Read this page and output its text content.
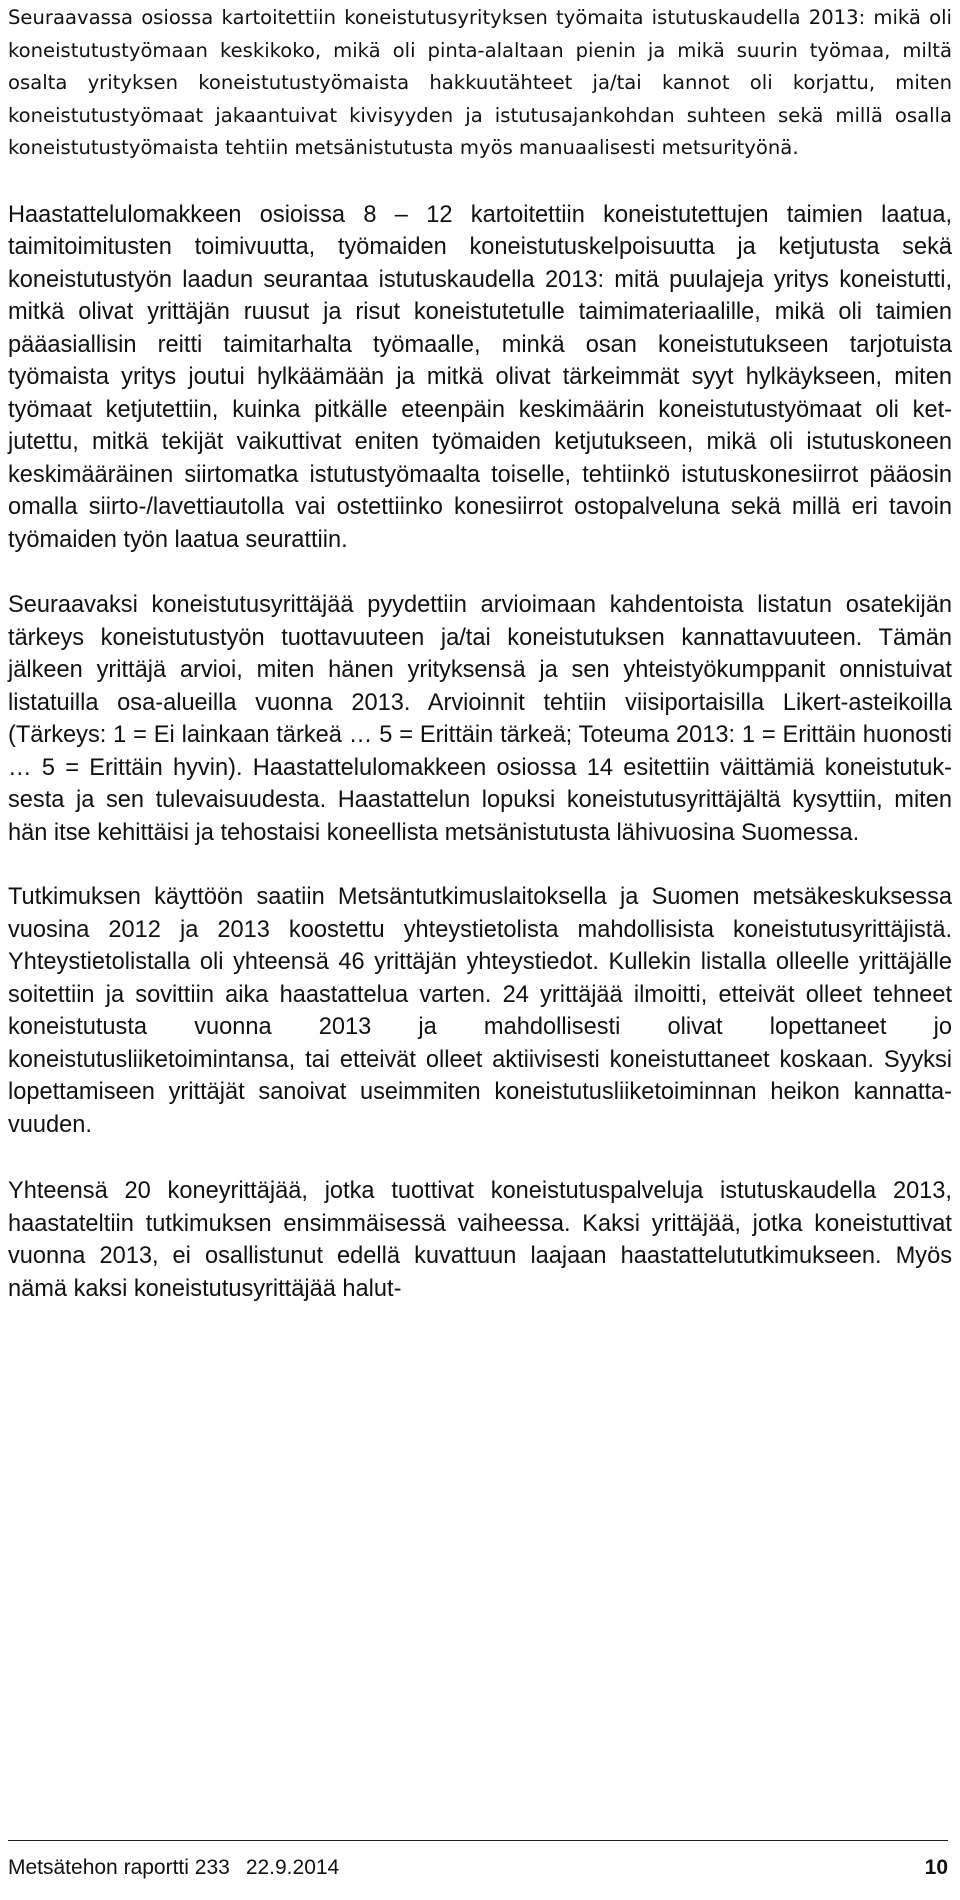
Seuraavassa osiossa kartoitettiin koneistutusyrityksen työmaita istutuskaudella 2013: mikä oli koneistutustyömaan keskikoko, mikä oli pinta-alaltaan pienin ja mikä suurin työmaa, miltä osalta yrityksen koneistutustyömaista hakkuutähteet ja/tai kannot oli korjattu, miten koneistutustyömaat jakaantuivat kivisyyden ja istutusajankohdan suhteen sekä millä osalla koneistutustyömaista tehtiin metsänistutusta myös manuaalisesti metsurityönä.

Haastattelulomakkeen osioissa 8 – 12 kartoitettiin koneistutettujen taimien laatua, taimitoimitusten toimivuutta, työmaiden koneistutuskelpoisuutta ja ketjutusta sekä koneistutustyön laadun seurantaa istutuskaudella 2013: mitä puulajeja yritys koneistutti, mitkä olivat yrittäjän ruusut ja risut koneistutetulle taimimateriaalille, mikä oli taimien pääasiallisin reitti taimitarhalta työmaalle, minkä osan koneistutukseen tarjotuista työmaista yritys joutui hylkäämään ja mitkä olivat tärkeimmät syyt hylkäykseen, miten työmaat ketjutettiin, kuinka pitkälle eteenpäin keskimäärin koneistutustyömaat oli ketjutettu, mitkä tekijät vaikuttivat eniten työmaiden ketjutukseen, mikä oli istutuskoneen keskimääräinen siirtomatka istutustyömaalta toiselle, tehtiinkö istutuskonesiirrot pääosin omalla siirto-/lavettiautolla vai ostettiinko konesiirrot ostopalveluna sekä millä eri tavoin työmaiden työn laatua seurattiin.

Seuraavaksi koneistutusyrittäjää pyydettiin arvioimaan kahdentoista listatun osatekijän tärkeys koneistutustyön tuottavuuteen ja/tai koneistutuksen kannattavuuteen. Tämän jälkeen yrittäjä arvioi, miten hänen yrityksensä ja sen yhteistyökumppanit onnistuivat listatuilla osa-alueilla vuonna 2013. Arvioinnit tehtiin viisiportaisilla Likert-asteikoilla (Tärkeys: 1 = Ei lainkaan tärkeä … 5 = Erittäin tärkeä; Toteuma 2013: 1 = Erittäin huonosti … 5 = Erittäin hyvin). Haastattelulomakkeen osiossa 14 esitettiin väittämiä koneistutuksesta ja sen tulevaisuudesta. Haastattelun lopuksi koneistutusyrittäjältä kysyttiin, miten hän itse kehittäisi ja tehostaisi koneellista metsänistutusta lähivuosina Suomessa.

Tutkimuksen käyttöön saatiin Metsäntutkimuslaitoksella ja Suomen metsäkeskuksessa vuosina 2012 ja 2013 koostettu yhteystietolista mahdollisista koneistutusyrittäjistä. Yhteystietolistalla oli yhteensä 46 yrittäjän yhteystiedot. Kullekin listalla olleelle yrittäjälle soitettiin ja sovittiin aika haastattelua varten. 24 yrittäjää ilmoitti, etteivät olleet tehneet koneistutusta vuonna 2013 ja mahdollisesti olivat lopettaneet jo koneistutusliiketoimintansa, tai etteivät olleet aktiivisesti koneistuttaneet koskaan. Syyksi lopettamiseen yrittäjät sanoivat useimmiten koneistutusliiketoiminnan heikon kannattavuuden.

Yhteensä 20 koneyrittäjää, jotka tuottivat koneistutuspalveluja istutuskaudella 2013, haastateltiin tutkimuksen ensimmäisessä vaiheessa. Kaksi yrittäjää, jotka koneistuttivat vuonna 2013, ei osallistunut edellä kuvattuun laajaan haastattelututkimukseen. Myös nämä kaksi koneistutusyrittäjää halut-

Metsätehon raportti 233 22.9.2014	10
